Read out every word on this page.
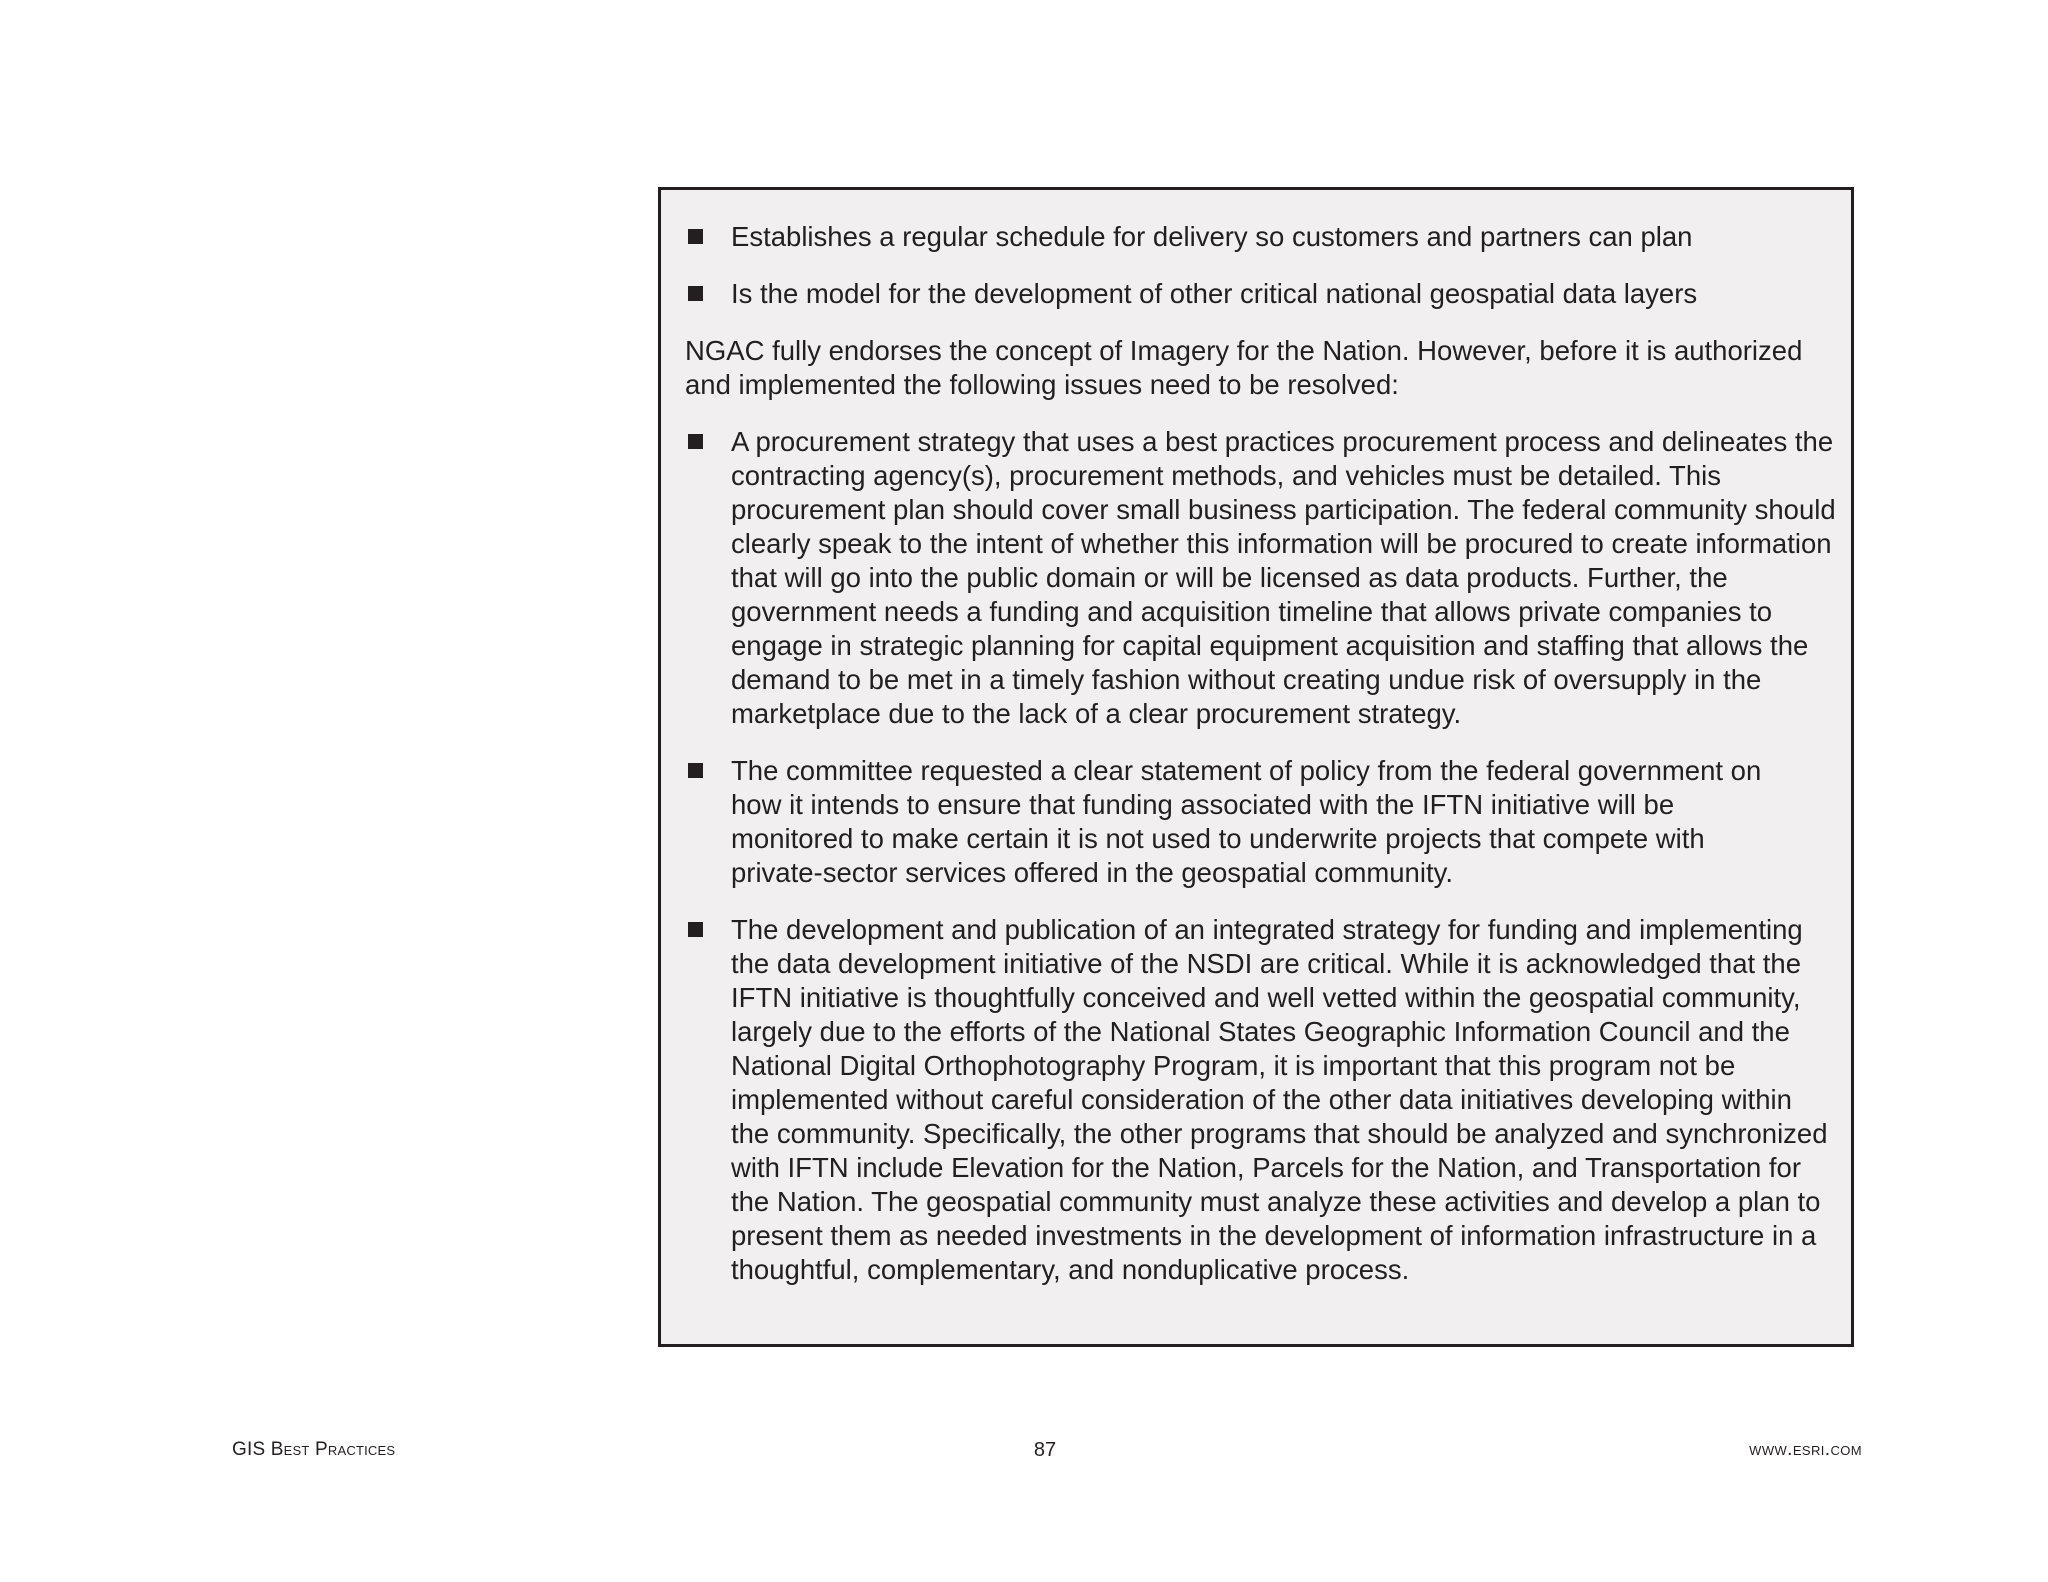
Establishes a regular schedule for delivery so customers and partners can plan
Is the model for the development of other critical national geospatial data layers
NGAC fully endorses the concept of Imagery for the Nation. However, before it is authorized and implemented the following issues need to be resolved:
A procurement strategy that uses a best practices procurement process and delineates the contracting agency(s), procurement methods, and vehicles must be detailed. This procurement plan should cover small business participation. The federal community should clearly speak to the intent of whether this information will be procured to create information that will go into the public domain or will be licensed as data products. Further, the government needs a funding and acquisition timeline that allows private companies to engage in strategic planning for capital equipment acquisition and staffing that allows the demand to be met in a timely fashion without creating undue risk of oversupply in the marketplace due to the lack of a clear procurement strategy.
The committee requested a clear statement of policy from the federal government on how it intends to ensure that funding associated with the IFTN initiative will be monitored to make certain it is not used to underwrite projects that compete with private-sector services offered in the geospatial community.
The development and publication of an integrated strategy for funding and implementing the data development initiative of the NSDI are critical. While it is acknowledged that the IFTN initiative is thoughtfully conceived and well vetted within the geospatial community, largely due to the efforts of the National States Geographic Information Council and the National Digital Orthophotography Program, it is important that this program not be implemented without careful consideration of the other data initiatives developing within the community. Specifically, the other programs that should be analyzed and synchronized with IFTN include Elevation for the Nation, Parcels for the Nation, and Transportation for the Nation. The geospatial community must analyze these activities and develop a plan to present them as needed investments in the development of information infrastructure in a thoughtful, complementary, and nonduplicative process.
GIS Best Practices	87	www.esri.com
